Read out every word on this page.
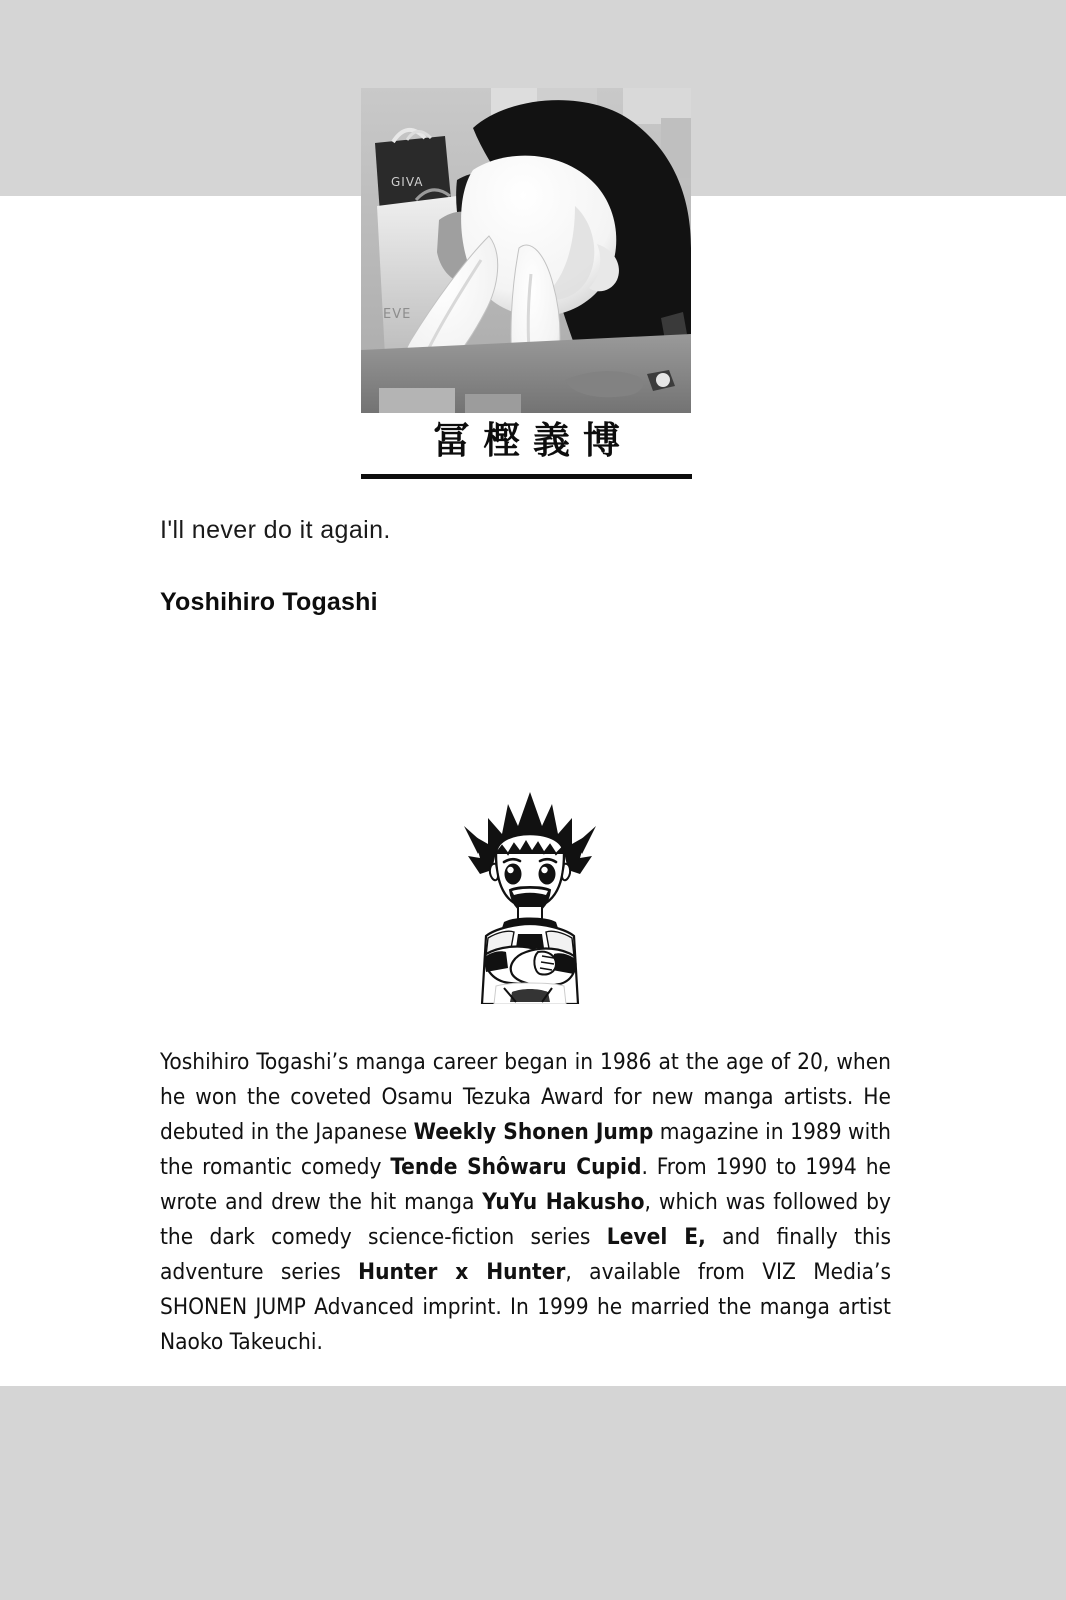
GIVA
EVE
冨樫義博
I'll never do it again.
Yoshihiro Togashi

Yoshihiro Togashi’s manga career began in 1986 at the age of 20, when he won the coveted Osamu Tezuka Award for new manga artists. He debuted in the Japanese Weekly Shonen Jump magazine in 1989 with the romantic comedy Tende Shôwaru Cupid. From 1990 to 1994 he wrote and drew the hit manga YuYu Hakusho, which was followed by the dark comedy science-fiction series Level E, and finally this adventure series Hunter x Hunter, available from VIZ Media’s SHONEN JUMP Advanced imprint. In 1999 he married the manga artist Naoko Takeuchi.
